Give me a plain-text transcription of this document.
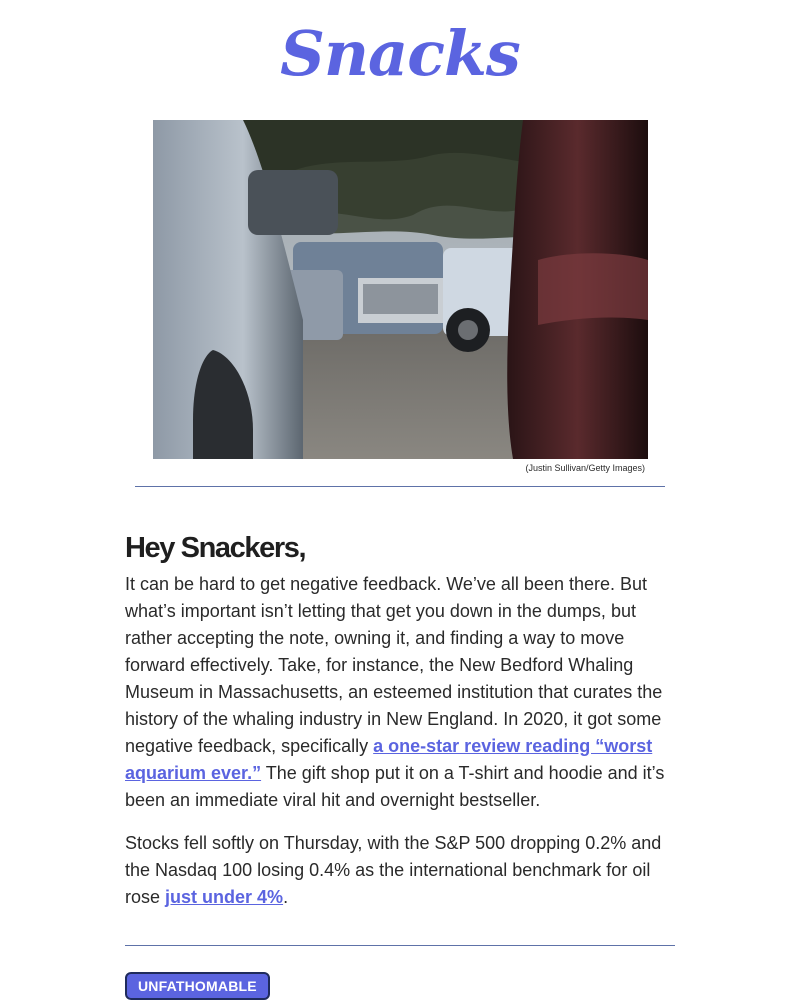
Snacks
(Justin Sullivan/Getty Images)
Hey Snackers,

It can be hard to get negative feedback. We’ve all been there. But what’s important isn’t letting that get you down in the dumps, but rather accepting the note, owning it, and finding a way to move forward effectively. Take, for instance, the New Bedford Whaling Museum in Massachusetts, an esteemed institution that curates the history of the whaling industry in New England. In 2020, it got some negative feedback, specifically a one-star review reading “worst aquarium ever.” The gift shop put it on a T-shirt and hoodie and it’s been an immediate viral hit and overnight bestseller.

Stocks fell softly on Thursday, with the S&P 500 dropping 0.2% and the Nasdaq 100 losing 0.4% as the international benchmark for oil rose just under 4%.

UNFATHOMABLE
